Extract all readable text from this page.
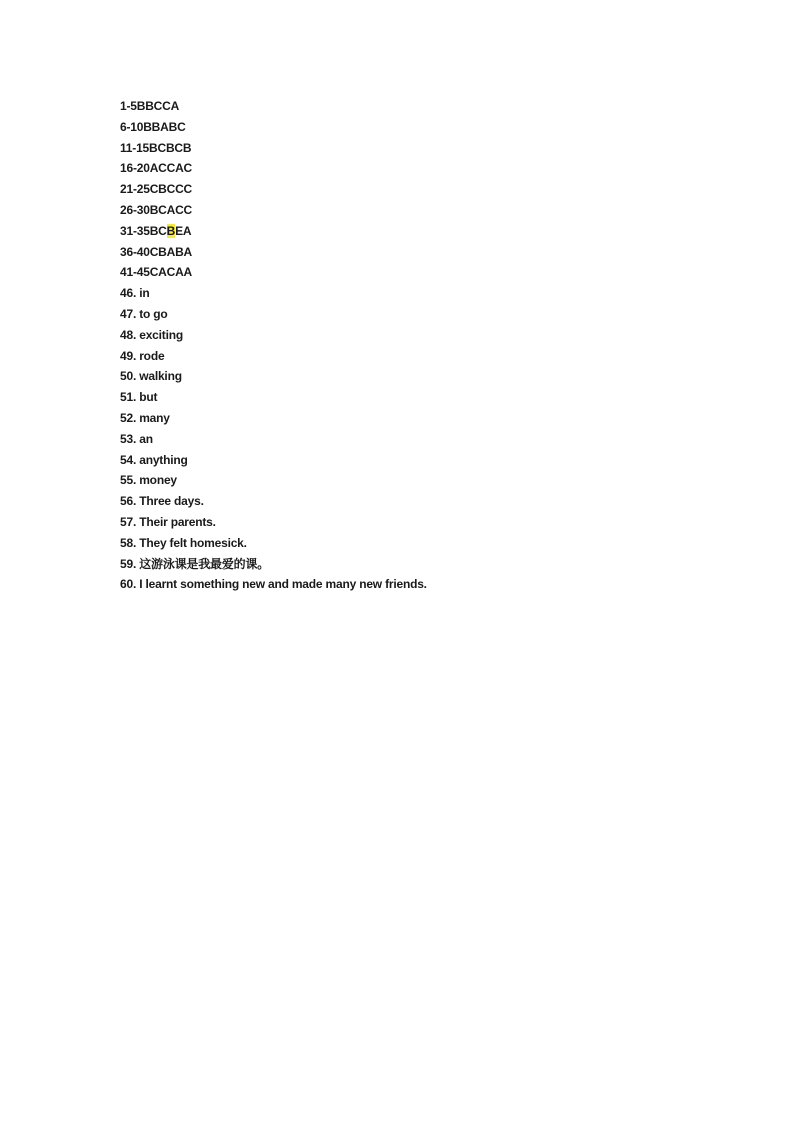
1-5BBCCA
6-10BBABC
11-15BCBCB
16-20ACCAC
21-25CBCCC
26-30BCACC
31-35BCBEA
36-40CBABA
41-45CACAA
46. in
47. to go
48. exciting
49. rode
50. walking
51. but
52. many
53. an
54. anything
55. money
56. Three days.
57. Their parents.
58. They felt homesick.
59. 这游泳课是我最爱的课。
60. I learnt something new and made many new friends.
